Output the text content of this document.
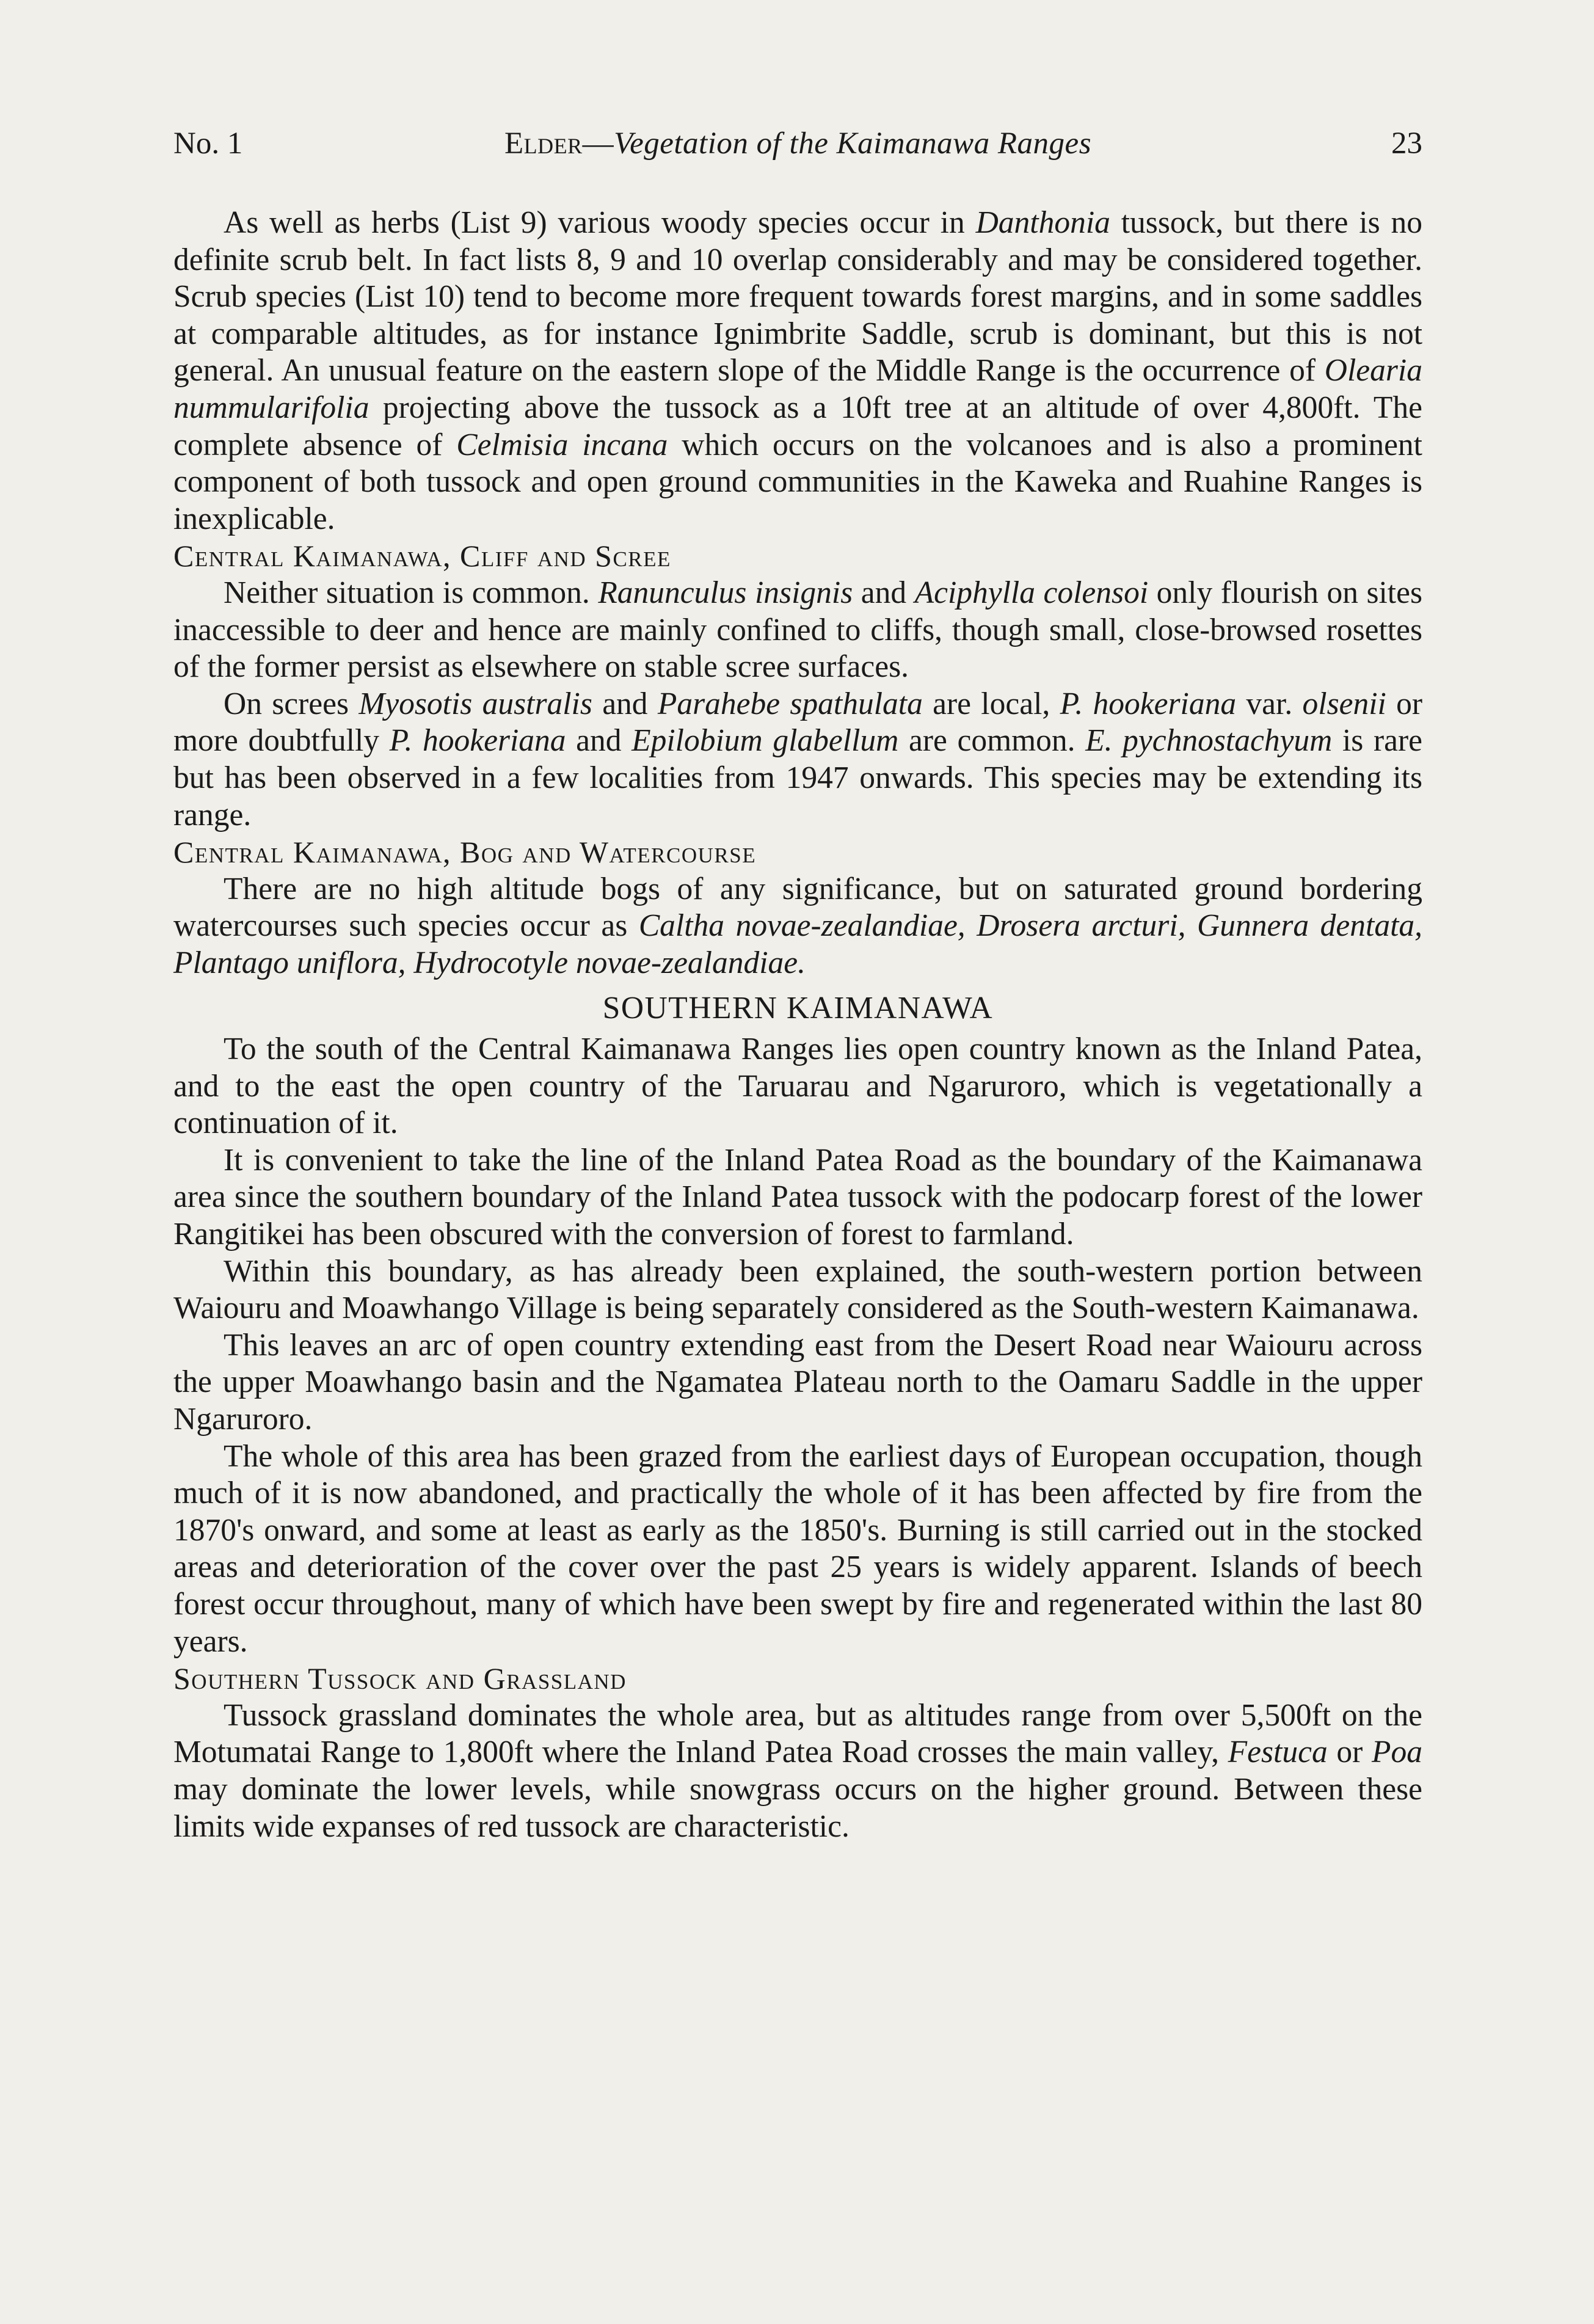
No. 1	Elder—Vegetation of the Kaimanawa Ranges	23

As well as herbs (List 9) various woody species occur in Danthonia tussock, but there is no definite scrub belt. In fact lists 8, 9 and 10 overlap considerably and may be considered together. Scrub species (List 10) tend to become more frequent towards forest margins, and in some saddles at comparable altitudes, as for instance Ignimbrite Saddle, scrub is dominant, but this is not general. An unusual feature on the eastern slope of the Middle Range is the occurrence of Olearia nummularifolia projecting above the tussock as a 10ft tree at an altitude of over 4,800ft. The complete absence of Celmisia incana which occurs on the volcanoes and is also a prominent component of both tussock and open ground communities in the Kaweka and Ruahine Ranges is inexplicable.

Central Kaimanawa, Cliff and Scree

Neither situation is common. Ranunculus insignis and Aciphylla colensoi only flourish on sites inaccessible to deer and hence are mainly confined to cliffs, though small, close-browsed rosettes of the former persist as elsewhere on stable scree surfaces.

On screes Myosotis australis and Parahebe spathulata are local, P. hookeriana var. olsenii or more doubtfully P. hookeriana and Epilobium glabellum are common. E. pychnostachyum is rare but has been observed in a few localities from 1947 onwards. This species may be extending its range.

Central Kaimanawa, Bog and Watercourse

There are no high altitude bogs of any significance, but on saturated ground bordering watercourses such species occur as Caltha novae-zealandiae, Drosera arcturi, Gunnera dentata, Plantago uniflora, Hydrocotyle novae-zealandiae.

SOUTHERN KAIMANAWA

To the south of the Central Kaimanawa Ranges lies open country known as the Inland Patea, and to the east the open country of the Taruarau and Ngaruroro, which is vegetationally a continuation of it.

It is convenient to take the line of the Inland Patea Road as the boundary of the Kaimanawa area since the southern boundary of the Inland Patea tussock with the podocarp forest of the lower Rangitikei has been obscured with the conversion of forest to farmland.

Within this boundary, as has already been explained, the south-western portion between Waiouru and Moawhango Village is being separately considered as the South-western Kaimanawa.

This leaves an arc of open country extending east from the Desert Road near Waiouru across the upper Moawhango basin and the Ngamatea Plateau north to the Oamaru Saddle in the upper Ngaruroro.

The whole of this area has been grazed from the earliest days of European occupation, though much of it is now abandoned, and practically the whole of it has been affected by fire from the 1870's onward, and some at least as early as the 1850's. Burning is still carried out in the stocked areas and deterioration of the cover over the past 25 years is widely apparent. Islands of beech forest occur throughout, many of which have been swept by fire and regenerated within the last 80 years.

Southern Tussock and Grassland

Tussock grassland dominates the whole area, but as altitudes range from over 5,500ft on the Motumatai Range to 1,800ft where the Inland Patea Road crosses the main valley, Festuca or Poa may dominate the lower levels, while snowgrass occurs on the higher ground. Between these limits wide expanses of red tussock are characteristic.
